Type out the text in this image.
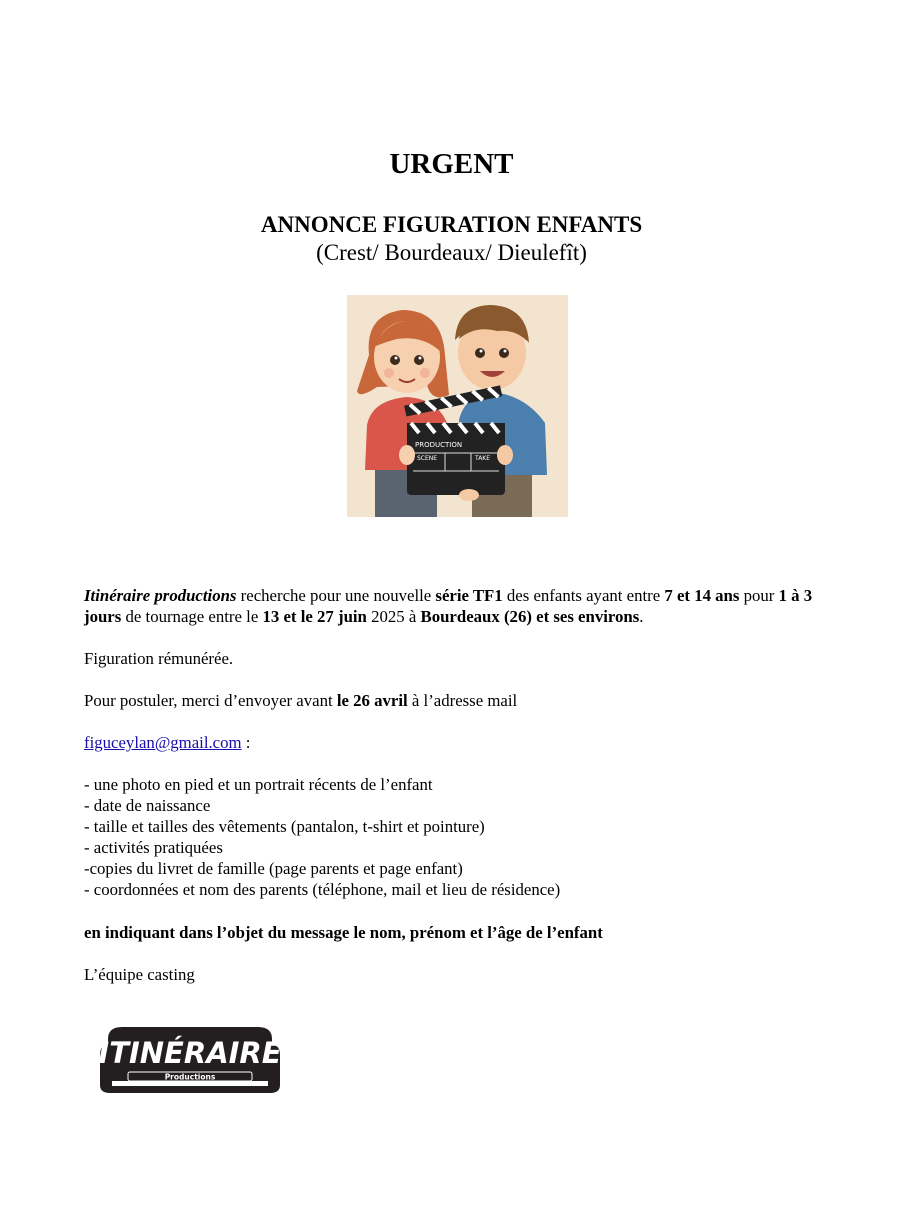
URGENT
ANNONCE FIGURATION ENFANTS

(Crest/ Bourdeaux/ Dieulefît)

PRODUCTION
SCENE	TAKE
Itinéraire productions recherche pour une nouvelle série TF1 des enfants ayant entre 7 et 14 ans pour 1 à 3 jours de tournage entre le 13 et le 27 juin 2025 à Bourdeaux (26) et ses environs.
Figuration rémunérée.
Pour postuler, merci d’envoyer avant le 26 avril à l’adresse mail
figuceylan@gmail.com :
- une photo en pied et un portrait récents de l’enfant
- date de naissance
- taille et tailles des vêtements (pantalon, t-shirt et pointure)
- activités pratiquées
-copies du livret de famille (page parents et page enfant)
- coordonnées et nom des parents (téléphone, mail et lieu de résidence)
en indiquant dans l’objet du message le nom, prénom et l’âge de l’enfant
L’équipe casting
ITINÉRAIRE
Productions
